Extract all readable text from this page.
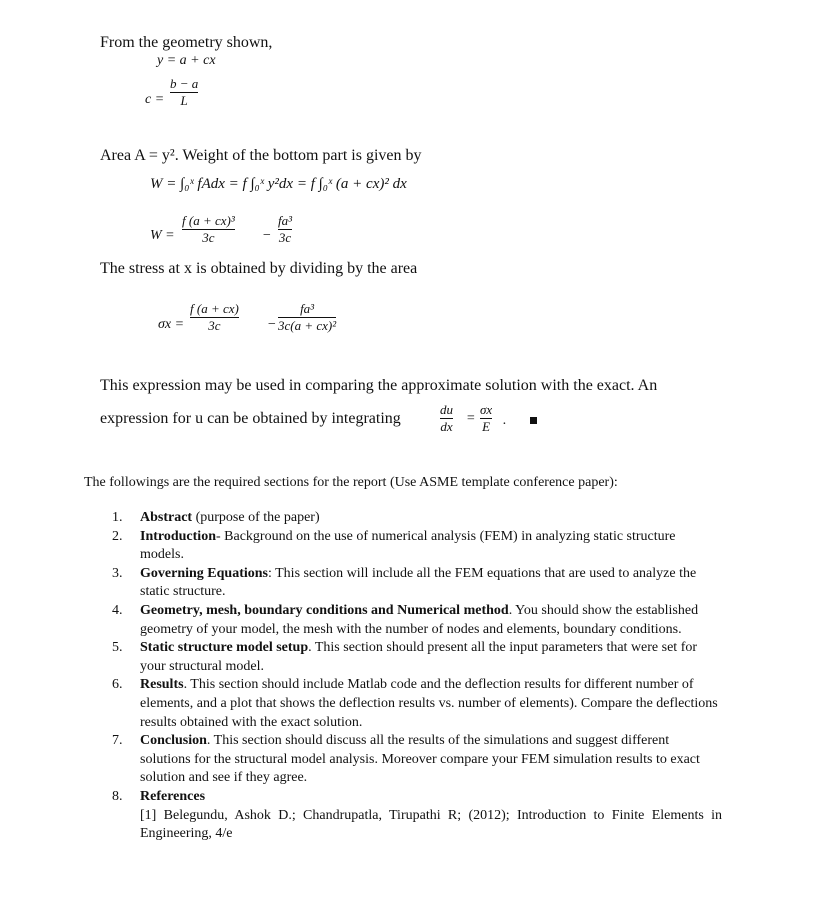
From the geometry shown,
y = a + cx
c =
b − a
L
Area A = y². Weight of the bottom part is given by
W = ∫₀ˣ fAdx = f ∫₀ˣ y²dx = f ∫₀ˣ (a + cx)² dx
W =
f (a + cx)³
3c	−
fa³
3c
The stress at x is obtained by dividing by the area
σx =
f (a + cx)
3c	−
fa³
3c(a + cx)²
This expression may be used in comparing the approximate solution with the exact. An
expression for u can be obtained by integrating
du
dx
=
σx
E .
The followings are the required sections for the report (Use ASME template conference paper):
1.	Abstract (purpose of the paper)
2.	Introduction- Background on the use of numerical analysis (FEM) in analyzing static structure models.
3.	Governing Equations: This section will include all the FEM equations that are used to analyze the static structure.
4.	Geometry, mesh, boundary conditions and Numerical method. You should show the established geometry of your model, the mesh with the number of nodes and elements, boundary conditions.
5.	Static structure model setup. This section should present all the input parameters that were set for your structural model.
6.	Results. This section should include Matlab code and the deflection results for different number of elements, and a plot that shows the deflection results vs. number of elements). Compare the deflections results obtained with the exact solution.
7.	Conclusion. This section should discuss all the results of the simulations and suggest different solutions for the structural model analysis. Moreover compare your FEM simulation results to exact solution and see if they agree.
8.	References
[1] Belegundu, Ashok D.; Chandrupatla, Tirupathi R; (2012); Introduction to Finite Elements in Engineering, 4/e
